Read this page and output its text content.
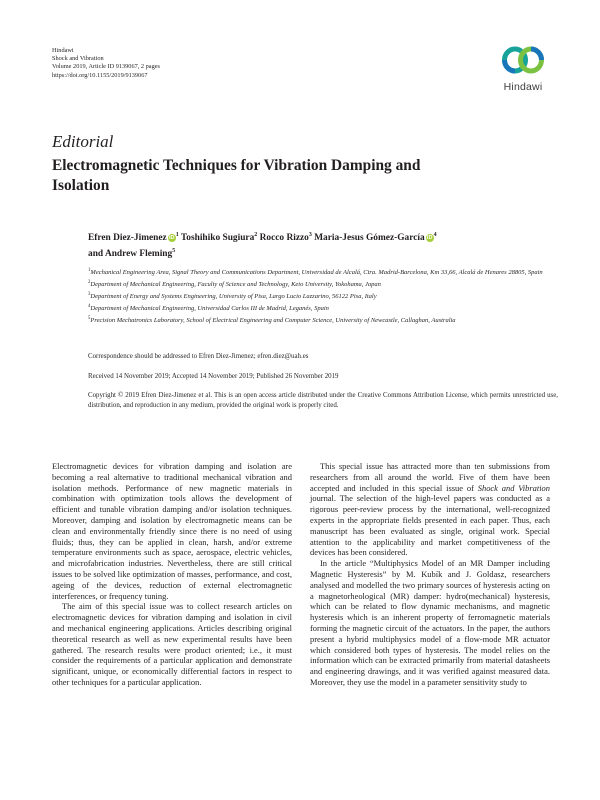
Hindawi
Shock and Vibration
Volume 2019, Article ID 9139067, 2 pages
https://doi.org/10.1155/2019/9139067
Hindawi
Editorial
Electromagnetic Techniques for Vibration Damping and Isolation
Efren Diez-Jimenez $iD^1$ Toshihiko Sugiura$^2$ Rocco Rizzo$^3$ Maria-Jesus Gómez-García $iD^4$
and Andrew Fleming$^5$
$^1$Mechanical Engineering Area, Signal Theory and Communications Department, Universidad de Alcalá, Ctra. Madrid-Barcelona, Km 33,66, Alcalá de Henares 28805, Spain
$^2$Department of Mechanical Engineering, Faculty of Science and Technology, Keio University, Yokohama, Japan
$^3$Department of Energy and Systems Engineering, University of Pisa, Largo Lucio Lazzarino, 56122 Pisa, Italy
$^4$Department of Mechanical Engineering, Universidad Carlos III de Madrid, Leganés, Spain
$^5$Precision Mechatronics Laboratory, School of Electrical Engineering and Computer Science, University of Newcastle, Callaghan, Australia
Correspondence should be addressed to Efren Diez-Jimenez; efren.diez@uah.es
Received 14 November 2019; Accepted 14 November 2019; Published 26 November 2019
Copyright © 2019 Efren Diez-Jimenez et al. This is an open access article distributed under the Creative Commons Attribution License, which permits unrestricted use, distribution, and reproduction in any medium, provided the original work is properly cited.

Electromagnetic devices for vibration damping and isolation are becoming a real alternative to traditional mechanical vibration and isolation methods. Performance of new magnetic materials in combination with optimization tools allows the development of efficient and tunable vibration damping and/or isolation techniques. Moreover, damping and isolation by electromagnetic means can be clean and environmentally friendly since there is no need of using fluids; thus, they can be applied in clean, harsh, and/or extreme temperature environments such as space, aerospace, electric vehicles, and microfabrication industries. Nevertheless, there are still critical issues to be solved like optimization of masses, performance, and cost, ageing of the devices, reduction of external electromagnetic interferences, or frequency tuning.

The aim of this special issue was to collect research articles on electromagnetic devices for vibration damping and isolation in civil and mechanical engineering applications. Articles describing original theoretical research as well as new experimental results have been gathered. The research results were product oriented; i.e., it must consider the requirements of a particular application and demonstrate significant, unique, or economically differential factors in respect to other techniques for a particular application.

This special issue has attracted more than ten submissions from researchers from all around the world. Five of them have been accepted and included in this special issue of Shock and Vibration journal. The selection of the high-level papers was conducted as a rigorous peer-review process by the international, well-recognized experts in the appropriate fields presented in each paper. Thus, each manuscript has been evaluated as single, original work. Special attention to the applicability and market competitiveness of the devices has been considered.

In the article “Multiphysics Model of an MR Damper including Magnetic Hysteresis” by M. Kubík and J. Goldasz, researchers analysed and modelled the two primary sources of hysteresis acting on a magnetorheological (MR) damper: hydro(mechanical) hysteresis, which can be related to flow dynamic mechanisms, and magnetic hysteresis which is an inherent property of ferromagnetic materials forming the magnetic circuit of the actuators. In the paper, the authors present a hybrid multiphysics model of a flow-mode MR actuator which considered both types of hysteresis. The model relies on the information which can be extracted primarily from material datasheets and engineering drawings, and it was verified against measured data. Moreover, they use the model in a parameter sensitivity study to
